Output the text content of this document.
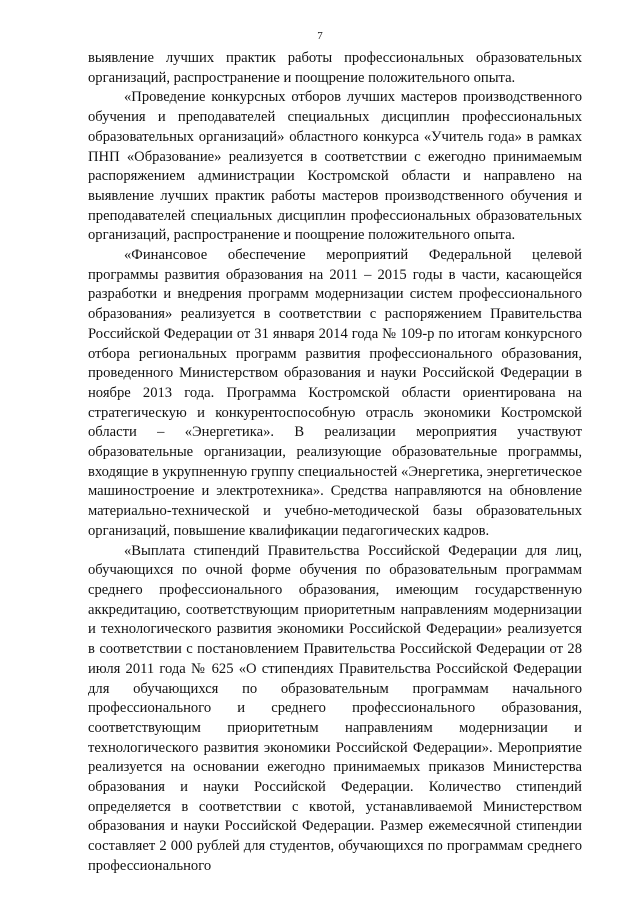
7

выявление лучших практик работы профессиональных образовательных организаций, распространение и поощрение положительного опыта.

«Проведение конкурсных отборов лучших мастеров производственного обучения и преподавателей специальных дисциплин профессиональных образовательных организаций» областного конкурса «Учитель года» в рамках ПНП «Образование» реализуется в соответствии с ежегодно принимаемым распоряжением администрации Костромской области и направлено на выявление лучших практик работы мастеров производственного обучения и преподавателей специальных дисциплин профессиональных образовательных организаций, распространение и поощрение положительного опыта.

«Финансовое обеспечение мероприятий Федеральной целевой программы развития образования на 2011 – 2015 годы в части, касающейся разработки и внедрения программ модернизации систем профессионального образования» реализуется в соответствии с распоряжением Правительства Российской Федерации от 31 января 2014 года № 109-р по итогам конкурсного отбора региональных программ развития профессионального образования, проведенного Министерством образования и науки Российской Федерации в ноябре 2013 года. Программа Костромской области ориентирована на стратегическую и конкурентоспособную отрасль экономики Костромской области – «Энергетика». В реализации мероприятия участвуют образовательные организации, реализующие образовательные программы, входящие в укрупненную группу специальностей «Энергетика, энергетическое машиностроение и электротехника». Средства направляются на обновление материально-технической и учебно-методической базы образовательных организаций, повышение квалификации педагогических кадров.

«Выплата стипендий Правительства Российской Федерации для лиц, обучающихся по очной форме обучения по образовательным программам среднего профессионального образования, имеющим государственную аккредитацию, соответствующим приоритетным направлениям модернизации и технологического развития экономики Российской Федерации» реализуется в соответствии с постановлением Правительства Российской Федерации от 28 июля 2011 года № 625 «О стипендиях Правительства Российской Федерации для обучающихся по образовательным программам начального профессионального и среднего профессионального образования, соответствующим приоритетным направлениям модернизации и технологического развития экономики Российской Федерации». Мероприятие реализуется на основании ежегодно принимаемых приказов Министерства образования и науки Российской Федерации. Количество стипендий определяется в соответствии с квотой, устанавливаемой Министерством образования и науки Российской Федерации. Размер ежемесячной стипендии составляет 2 000 рублей для студентов, обучающихся по программам среднего профессионального
